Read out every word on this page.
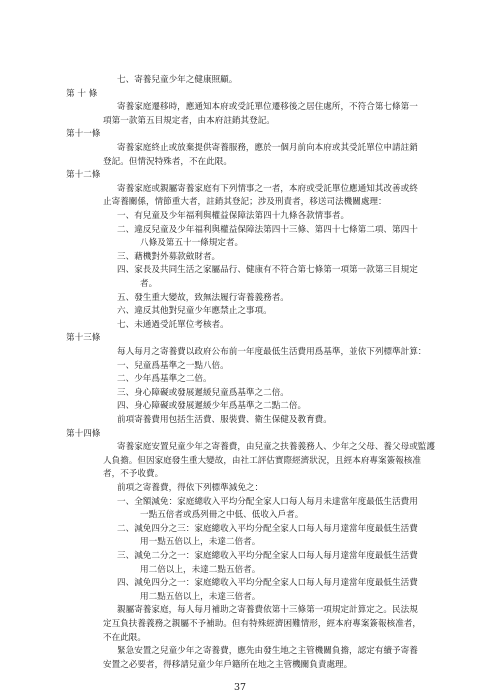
七、寄養兒童少年之健康照顧。
第 十 條
寄養家庭遷移時，應通知本府或受託單位遷移後之居住處所，不符合第七條第一
項第一款第五目規定者，由本府註銷其登記。
第十一條
寄養家庭終止或放棄提供寄養服務，應於一個月前向本府或其受託單位申請註銷
登記。但情況特殊者，不在此限。
第十二條
寄養家庭或親屬寄養家庭有下列情事之一者，本府或受託單位應通知其改善或終
止寄養關係，情節重大者，註銷其登記；涉及刑責者，移送司法機關處理：
一、有兒童及少年福利與權益保障法第四十九條各款情事者。
二、違反兒童及少年福利與權益保障法第四十三條、第四十七條第二項、第四十
八條及第五十一條規定者。
三、藉機對外募款斂財者。
四、家長及共同生活之家屬品行、健康有不符合第七條第一項第一款第三目規定
者。
五、發生重大變故，致無法履行寄養義務者。
六、違反其他對兒童少年應禁止之事項。
七、未通過受託單位考核者。
第十三條
每人每月之寄養費以政府公布前一年度最低生活費用爲基準，並依下列標準計算：
一、兒童爲基準之一點八倍。
二、少年爲基準之二倍。
三、身心障礙或發展遲緩兒童爲基準之二倍。
四、身心障礙或發展遲緩少年爲基準之二點二倍。
前項寄養費用包括生活費、服裝費、衛生保健及教育費。
第十四條
寄養家庭安置兒童少年之寄養費，由兒童之扶養義務人、少年之父母、養父母或監護
人負擔。但因家庭發生重大變故，由社工評估實際經濟狀況，且經本府專案簽報核准
者，不予收費。
前項之寄養費，得依下列標準減免之：
一、全額減免：家庭總收入平均分配全家人口每人每月未達當年度最低生活費用
一點五倍者或爲列冊之中低、低收入戶者。
二、減免四分之三：家庭總收入平均分配全家人口每人每月達當年度最低生活費
用一點五倍以上，未達二倍者。
三、減免二分之一：家庭總收入平均分配全家人口每人每月達當年度最低生活費
用二倍以上，未達二點五倍者。
四、減免四分之一：家庭總收入平均分配全家人口每人每月達當年度最低生活費
用二點五倍以上，未達三倍者。
親屬寄養家庭，每人每月補助之寄養費依第十三條第一項規定計算定之。民法規
定互負扶養義務之親屬不予補助。但有特殊經濟困難情形，經本府專案簽報核准者，
不在此限。
緊急安置之兒童少年之寄養費，應先由發生地之主管機關負擔，認定有續予寄養
安置之必要者，得移請兒童少年戶籍所在地之主管機關負責處理。
37
